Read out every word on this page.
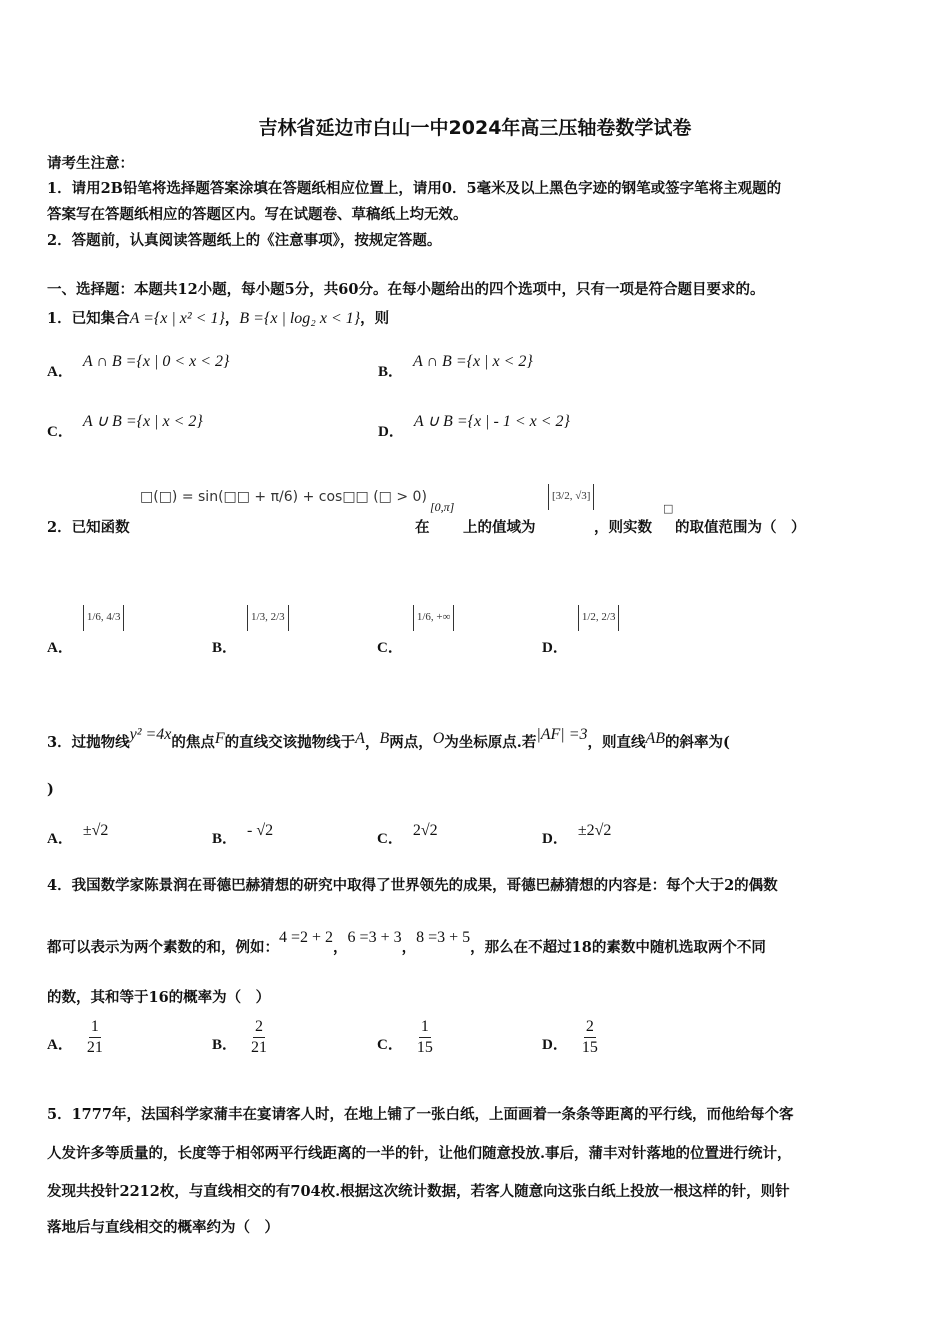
吉林省延边市白山一中2024年高三压轴卷数学试卷
请考生注意：
1．请用2B铅笔将选择题答案涂填在答题纸相应位置上，请用0．5毫米及以上黑色字迹的钢笔或签字笔将主观题的
答案写在答题纸相应的答题区内。写在试题卷、草稿纸上均无效。
2．答题前，认真阅读答题纸上的《注意事项》，按规定答题。
一、选择题：本题共12小题，每小题5分，共60分。在每小题给出的四个选项中，只有一项是符合题目要求的。
1．已知集合A ={x | x² < 1}，B ={x | log₂ x < 1}，则
A．A ∩ B ={x | 0 < x < 2}
B．A ∩ B ={x | x < 2}
C．A ∪ B ={x | x < 2}
D．A ∪ B ={x | - 1 < x < 2}
2．已知函数
□(□) = sin(□□ + π/6) + cos□□ (□ > 0)
在
[0,π]
上的值域为
[3/2, √3]
，则实数
□
的取值范围为（　）
A．1/6, 4/3
B．1/3, 2/3
C．1/6, +∞
D．1/2, 2/3
3．过抛物线y² =4x的焦点F的直线交该抛物线于A，B两点，O为坐标原点.若|AF| =3，则直线AB的斜率为(
)
A． ±√2	B． - √2	C． 2√2	D． ±2√2
4．我国数学家陈景润在哥德巴赫猜想的研究中取得了世界领先的成果，哥德巴赫猜想的内容是：每个大于2的偶数
都可以表示为两个素数的和，例如：4 =2 + 2，6 =3 + 3，8 =3 + 5，那么在不超过18的素数中随机选取两个不同
的数，其和等于16的概率为（　）
A． $\frac{1}{21}$	B． $\frac{2}{21}$	C． $\frac{1}{15}$	D． $\frac{2}{15}$
5．1777年，法国科学家蒲丰在宴请客人时，在地上铺了一张白纸，上面画着一条条等距离的平行线，而他给每个客
人发许多等质量的，长度等于相邻两平行线距离的一半的针，让他们随意投放.事后，蒲丰对针落地的位置进行统计，
发现共投针2212枚，与直线相交的有704枚.根据这次统计数据，若客人随意向这张白纸上投放一根这样的针，则针
落地后与直线相交的概率约为（　）
